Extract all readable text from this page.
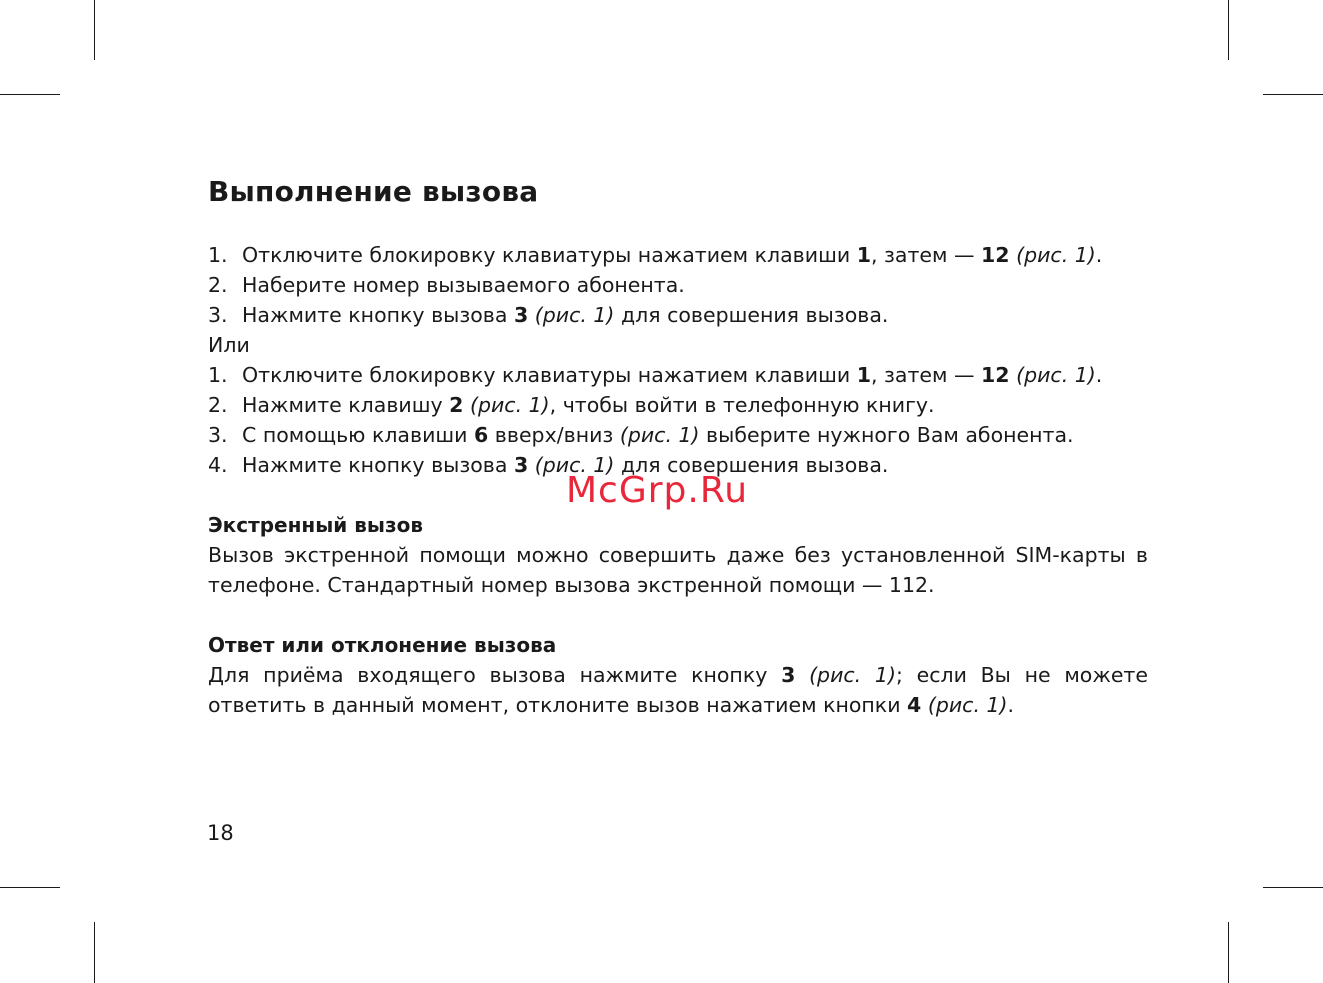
Выполнение вызова
1. Отключите блокировку клавиатуры нажатием клавиши 1, затем — 12 (рис. 1).
2. Наберите номер вызываемого абонента.
3. Нажмите кнопку вызова 3 (рис. 1) для совершения вызова.
Или
1. Отключите блокировку клавиатуры нажатием клавиши 1, затем — 12 (рис. 1).
2. Нажмите клавишу 2 (рис. 1), чтобы войти в телефонную книгу.
3. С помощью клавиши 6 вверх/вниз (рис. 1) выберите нужного Вам абонента.
4. Нажмите кнопку вызова 3 (рис. 1) для совершения вызова.
Экстренный вызов
Вызов экстренной помощи можно совершить даже без установленной SIM-карты в телефоне. Стандартный номер вызова экстренной помощи — 112.
Ответ или отклонение вызова
Для приёма входящего вызова нажмите кнопку 3 (рис. 1); если Вы не можете ответить в данный момент, отклоните вызов нажатием кнопки 4 (рис. 1).
McGrp.Ru
18
